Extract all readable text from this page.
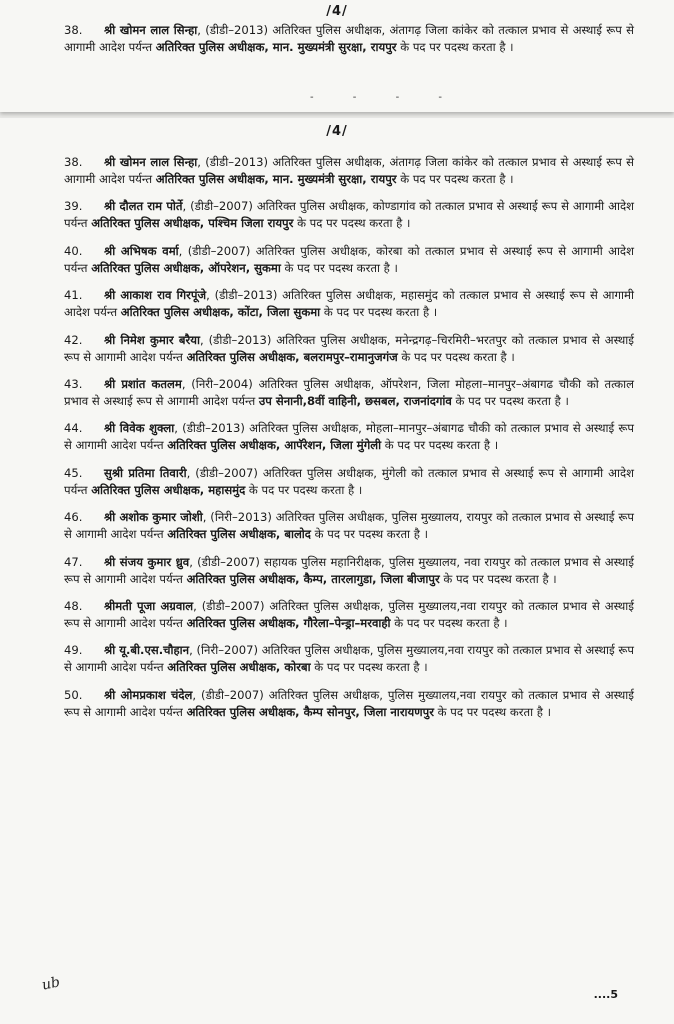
/4/
38. श्री खोमन लाल सिन्हा, (डीडी–2013) अतिरिक्त पुलिस अधीक्षक, अंतागढ़ जिला कांकेर को तत्काल प्रभाव से अस्थाई रूप से आगामी आदेश पर्यन्त अतिरिक्त पुलिस अधीक्षक, मान. मुख्यमंत्री सुरक्षा, रायपुर के पद पर पदस्थ करता है ।
- - - -
/4/
38. श्री खोमन लाल सिन्हा, (डीडी–2013) अतिरिक्त पुलिस अधीक्षक, अंतागढ़ जिला कांकेर को तत्काल प्रभाव से अस्थाई रूप से आगामी आदेश पर्यन्त अतिरिक्त पुलिस अधीक्षक, मान. मुख्यमंत्री सुरक्षा, रायपुर के पद पर पदस्थ करता है ।
39. श्री दौलत राम पोर्ते, (डीडी–2007) अतिरिक्त पुलिस अधीक्षक, कोण्डागांव को तत्काल प्रभाव से अस्थाई रूप से आगामी आदेश पर्यन्त अतिरिक्त पुलिस अधीक्षक, पश्चिम जिला रायपुर के पद पर पदस्थ करता है ।
40. श्री अभिषक वर्मा, (डीडी–2007) अतिरिक्त पुलिस अधीक्षक, कोरबा को तत्काल प्रभाव से अस्थाई रूप से आगामी आदेश पर्यन्त अतिरिक्त पुलिस अधीक्षक, ऑपरेशन, सुकमा के पद पर पदस्थ करता है ।
41. श्री आकाश राव गिरपूंजे, (डीडी–2013) अतिरिक्त पुलिस अधीक्षक, महासमुंद को तत्काल प्रभाव से अस्थाई रूप से आगामी आदेश पर्यन्त अतिरिक्त पुलिस अधीक्षक, कोंटा, जिला सुकमा के पद पर पदस्थ करता है ।
42. श्री निमेश कुमार बरैया, (डीडी–2013) अतिरिक्त पुलिस अधीक्षक, मनेन्द्रगढ़–चिरमिरी–भरतपुर को तत्काल प्रभाव से अस्थाई रूप से आगामी आदेश पर्यन्त अतिरिक्त पुलिस अधीक्षक, बलरामपुर–रामानुजगंज के पद पर पदस्थ करता है ।
43. श्री प्रशांत कतलम, (निरी–2004) अतिरिक्त पुलिस अधीक्षक, ऑपरेशन, जिला मोहला–मानपुर–अंबागढ चौकी को तत्काल प्रभाव से अस्थाई रूप से आगामी आदेश पर्यन्त उप सेनानी,8वीं वाहिनी, छसबल, राजनांदगांव के पद पर पदस्थ करता है ।
44. श्री विवेक शुक्ला, (डीडी–2013) अतिरिक्त पुलिस अधीक्षक, मोहला–मानपुर–अंबागढ चौकी को तत्काल प्रभाव से अस्थाई रूप से आगामी आदेश पर्यन्त अतिरिक्त पुलिस अधीक्षक, आपॅरेशन, जिला मुंगेली के पद पर पदस्थ करता है ।
45. सुश्री प्रतिमा तिवारी, (डीडी–2007) अतिरिक्त पुलिस अधीक्षक, मुंगेली को तत्काल प्रभाव से अस्थाई रूप से आगामी आदेश पर्यन्त अतिरिक्त पुलिस अधीक्षक, महासमुंद के पद पर पदस्थ करता है ।
46. श्री अशोक कुमार जोशी, (निरी–2013) अतिरिक्त पुलिस अधीक्षक, पुलिस मुख्यालय, रायपुर को तत्काल प्रभाव से अस्थाई रूप से आगामी आदेश पर्यन्त अतिरिक्त पुलिस अधीक्षक, बालोद के पद पर पदस्थ करता है ।
47. श्री संजय कुमार ध्रुव, (डीडी–2007) सहायक पुलिस महानिरीक्षक, पुलिस मुख्यालय, नवा रायपुर को तत्काल प्रभाव से अस्थाई रूप से आगामी आदेश पर्यन्त अतिरिक्त पुलिस अधीक्षक, कैम्प, तारलागुडा, जिला बीजापुर के पद पर पदस्थ करता है ।
48. श्रीमती पूजा अग्रवाल, (डीडी–2007) अतिरिक्त पुलिस अधीक्षक, पुलिस मुख्यालय,नवा रायपुर को तत्काल प्रभाव से अस्थाई रूप से आगामी आदेश पर्यन्त अतिरिक्त पुलिस अधीक्षक, गौरेला–पेन्ड्रा–मरवाही के पद पर पदस्थ करता है ।
49. श्री यू.बी.एस.चौहान, (निरी–2007) अतिरिक्त पुलिस अधीक्षक, पुलिस मुख्यालय,नवा रायपुर को तत्काल प्रभाव से अस्थाई रूप से आगामी आदेश पर्यन्त अतिरिक्त पुलिस अधीक्षक, कोरबा के पद पर पदस्थ करता है ।
50. श्री ओमप्रकाश चंदेल, (डीडी–2007) अतिरिक्त पुलिस अधीक्षक, पुलिस मुख्यालय,नवा रायपुर को तत्काल प्रभाव से अस्थाई रूप से आगामी आदेश पर्यन्त अतिरिक्त पुलिस अधीक्षक, कैम्प सोनपुर, जिला नारायणपुर के पद पर पदस्थ करता है ।
ub
....5
